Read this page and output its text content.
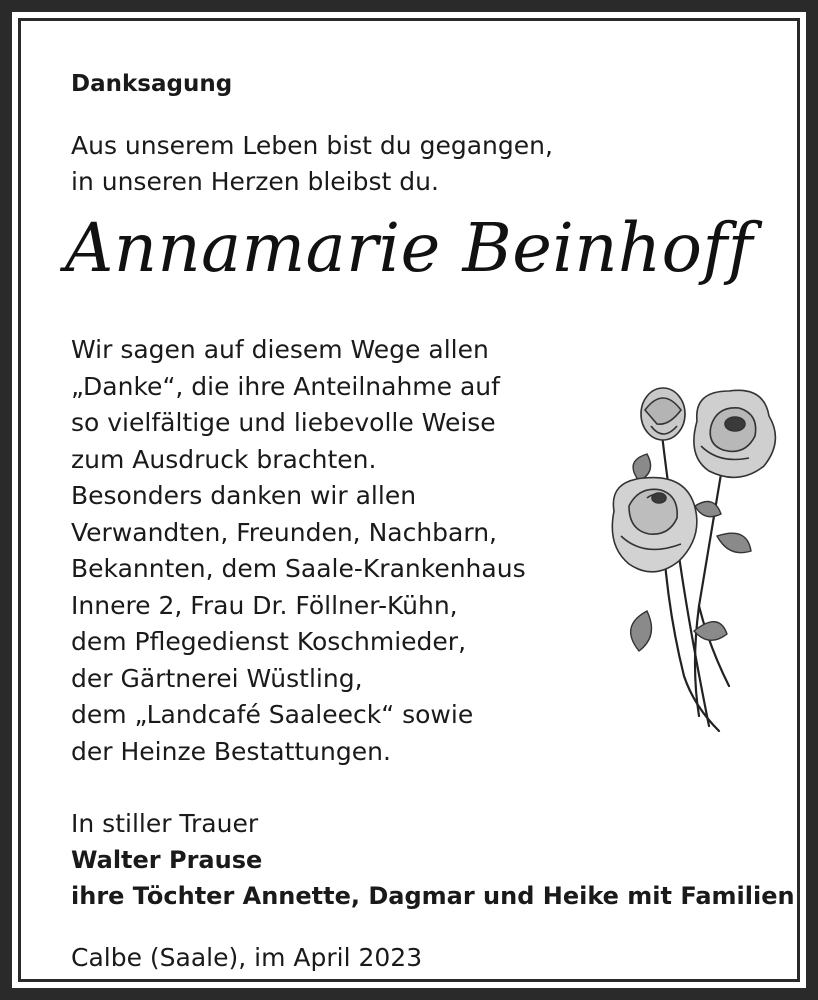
Danksagung
Aus unserem Leben bist du gegangen,
in unseren Herzen bleibst du.
Annamarie Beinhoff
Wir sagen auf diesem Wege allen
„Danke“, die ihre Anteilnahme auf
so vielfältige und liebevolle Weise
zum Ausdruck brachten.
Besonders danken wir allen
Verwandten, Freunden, Nachbarn,
Bekannten, dem Saale-Krankenhaus
Innere 2, Frau Dr. Föllner-Kühn,
dem Pflegedienst Koschmieder,
der Gärtnerei Wüstling,
dem „Landcafé Saaleeck“ sowie
der Heinze Bestattungen.
In stiller Trauer
Walter Prause
ihre Töchter Annette, Dagmar und Heike mit Familien
Calbe (Saale), im April 2023
